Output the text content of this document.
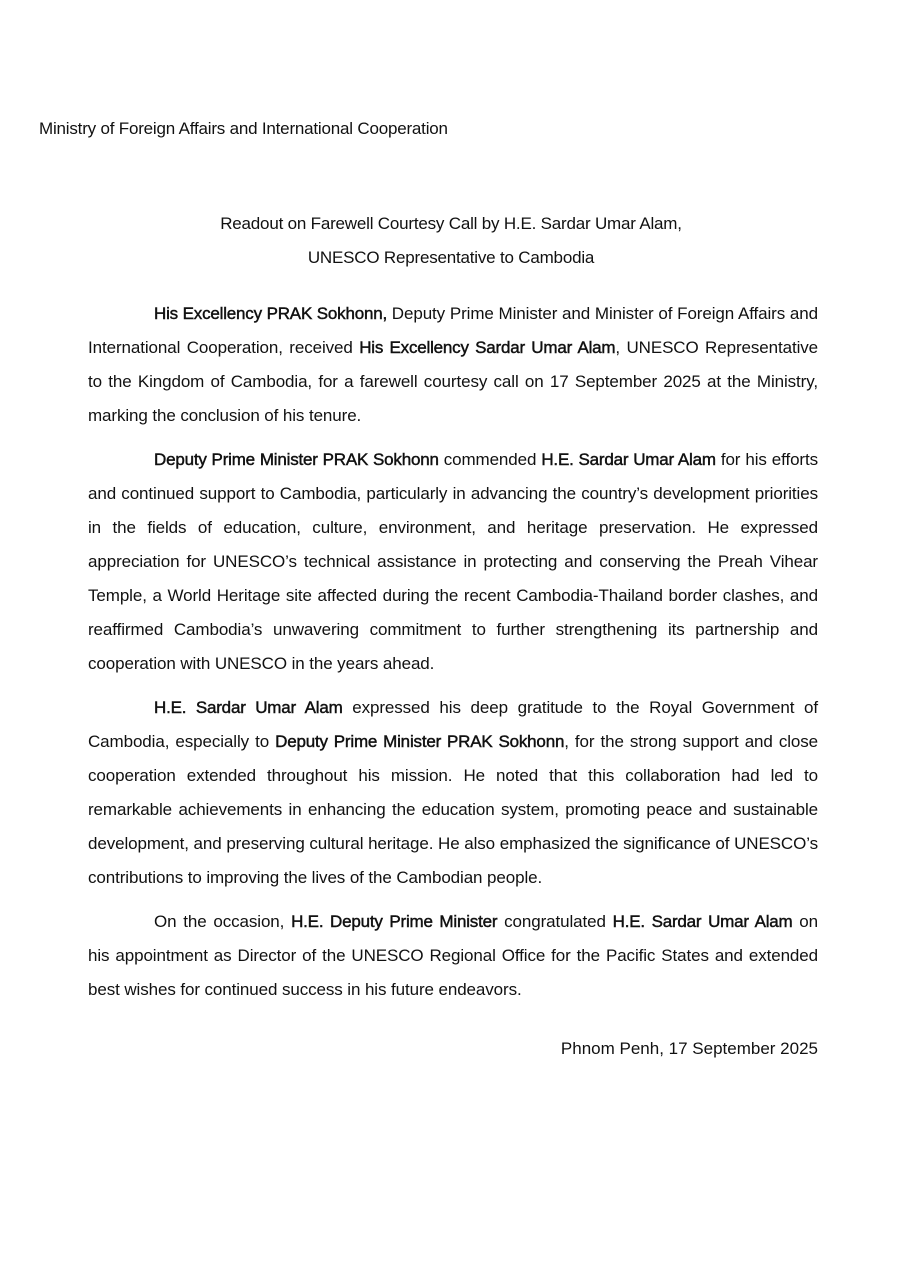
Ministry of Foreign Affairs and International Cooperation
Readout on Farewell Courtesy Call by H.E. Sardar Umar Alam,
UNESCO Representative to Cambodia

His Excellency PRAK Sokhonn, Deputy Prime Minister and Minister of Foreign Affairs and International Cooperation, received His Excellency Sardar Umar Alam, UNESCO Representative to the Kingdom of Cambodia, for a farewell courtesy call on 17 September 2025 at the Ministry, marking the conclusion of his tenure.

Deputy Prime Minister PRAK Sokhonn commended H.E. Sardar Umar Alam for his efforts and continued support to Cambodia, particularly in advancing the country’s development priorities in the fields of education, culture, environment, and heritage preservation. He expressed appreciation for UNESCO’s technical assistance in protecting and conserving the Preah Vihear Temple, a World Heritage site affected during the recent Cambodia-Thailand border clashes, and reaffirmed Cambodia’s unwavering commitment to further strengthening its partnership and cooperation with UNESCO in the years ahead.

H.E. Sardar Umar Alam expressed his deep gratitude to the Royal Government of Cambodia, especially to Deputy Prime Minister PRAK Sokhonn, for the strong support and close cooperation extended throughout his mission. He noted that this collaboration had led to remarkable achievements in enhancing the education system, promoting peace and sustainable development, and preserving cultural heritage. He also emphasized the significance of UNESCO’s contributions to improving the lives of the Cambodian people.

On the occasion, H.E. Deputy Prime Minister congratulated H.E. Sardar Umar Alam on his appointment as Director of the UNESCO Regional Office for the Pacific States and extended best wishes for continued success in his future endeavors.

Phnom Penh, 17 September 2025
